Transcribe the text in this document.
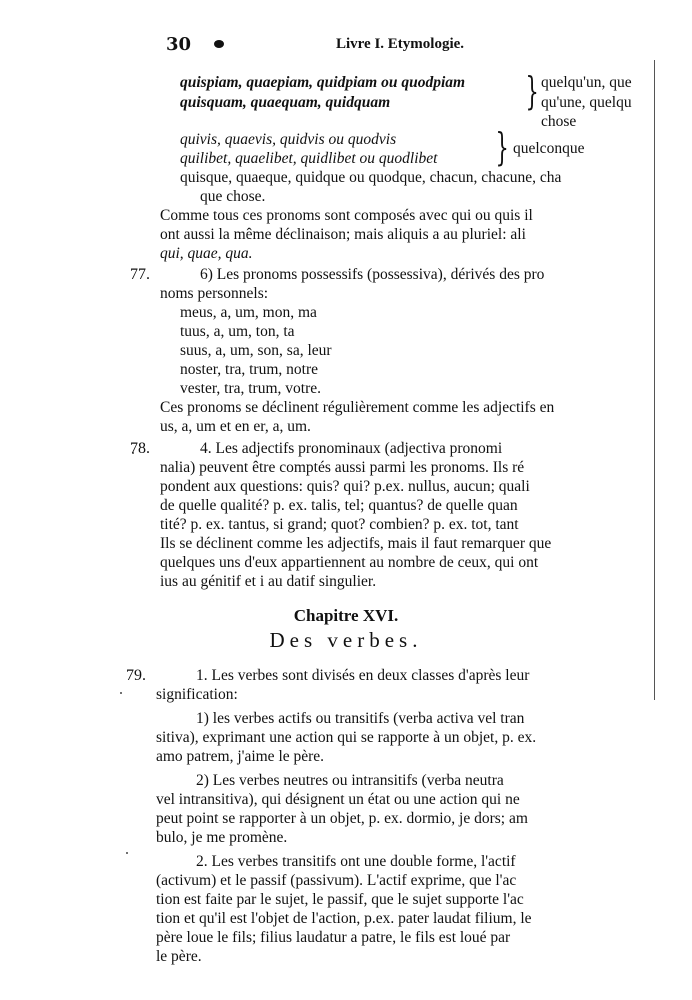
30	Livre I. Etymologie.
quispiam, quaepiam, quidpiam ou quodpiam
quisquam, quaequam, quidquam	} quelqu'un, que
qu'une, quelqu
chose
quivis, quaevis, quidvis ou quodvis
quilibet, quaelibet, quidlibet ou quodlibet } quelconque
quisque, quaeque, quidque ou quodque, chacun, chacune, cha
que chose.
Comme tous ces pronoms sont composés avec qui ou quis il
ont aussi la même déclinaison; mais aliquis a au pluriel: ali
qui, quae, qua.
77.	6) Les pronoms possessifs (possessiva), dérivés des pro
noms personnels:
meus, a, um, mon, ma
tuus, a, um, ton, ta
suus, a, um, son, sa, leur
noster, tra, trum, notre
vester, tra, trum, votre.
Ces pronoms se déclinent régulièrement comme les adjectifs en
us, a, um et en er, a, um.
78.	4. Les adjectifs pronominaux (adjectiva pronomi
nalia) peuvent être comptés aussi parmi les pronoms. Ils ré
pondent aux questions: quis? qui? p.ex. nullus, aucun; quali
de quelle qualité? p. ex. talis, tel; quantus? de quelle quan
tité? p. ex. tantus, si grand; quot? combien? p. ex. tot, tant
Ils se déclinent comme les adjectifs, mais il faut remarquer que
quelques uns d'eux appartiennent au nombre de ceux, qui ont
ius au génitif et i au datif singulier.
Chapitre XVI.
Des verbes.
79.	1. Les verbes sont divisés en deux classes d'après leur
signification:
1) les verbes actifs ou transitifs (verba activa vel tran
sitiva), exprimant une action qui se rapporte à un objet, p. ex.
amo patrem, j'aime le père.
2) Les verbes neutres ou intransitifs (verba neutra
vel intransitiva), qui désignent un état ou une action qui ne
peut point se rapporter à un objet, p. ex. dormio, je dors; am
bulo, je me promène.
2. Les verbes transitifs ont une double forme, l'actif
(activum) et le passif (passivum). L'actif exprime, que l'ac
tion est faite par le sujet, le passif, que le sujet supporte l'ac
tion et qu'il est l'objet de l'action, p.ex. pater laudat filium, le
père loue le fils; filius laudatur a patre, le fils est loué par
le père.
